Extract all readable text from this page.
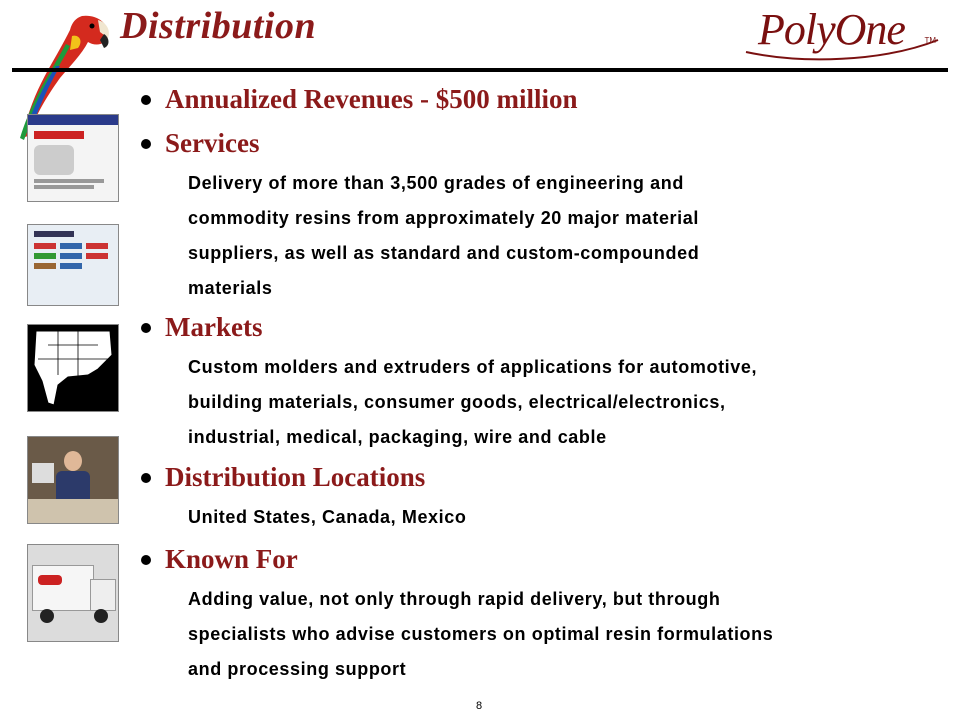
Distribution	PolyOne TM
Annualized Revenues - $500 million
Services
Delivery of more than 3,500 grades of engineering and
commodity resins from approximately 20 major material
suppliers, as well as standard and custom-compounded
materials
Markets
Custom molders and extruders of applications for automotive,
building materials, consumer goods, electrical/electronics,
industrial, medical, packaging, wire and cable
Distribution Locations
United States, Canada, Mexico
Known For
Adding value, not only through rapid delivery, but through
specialists who advise customers on optimal resin formulations
and processing support
8
